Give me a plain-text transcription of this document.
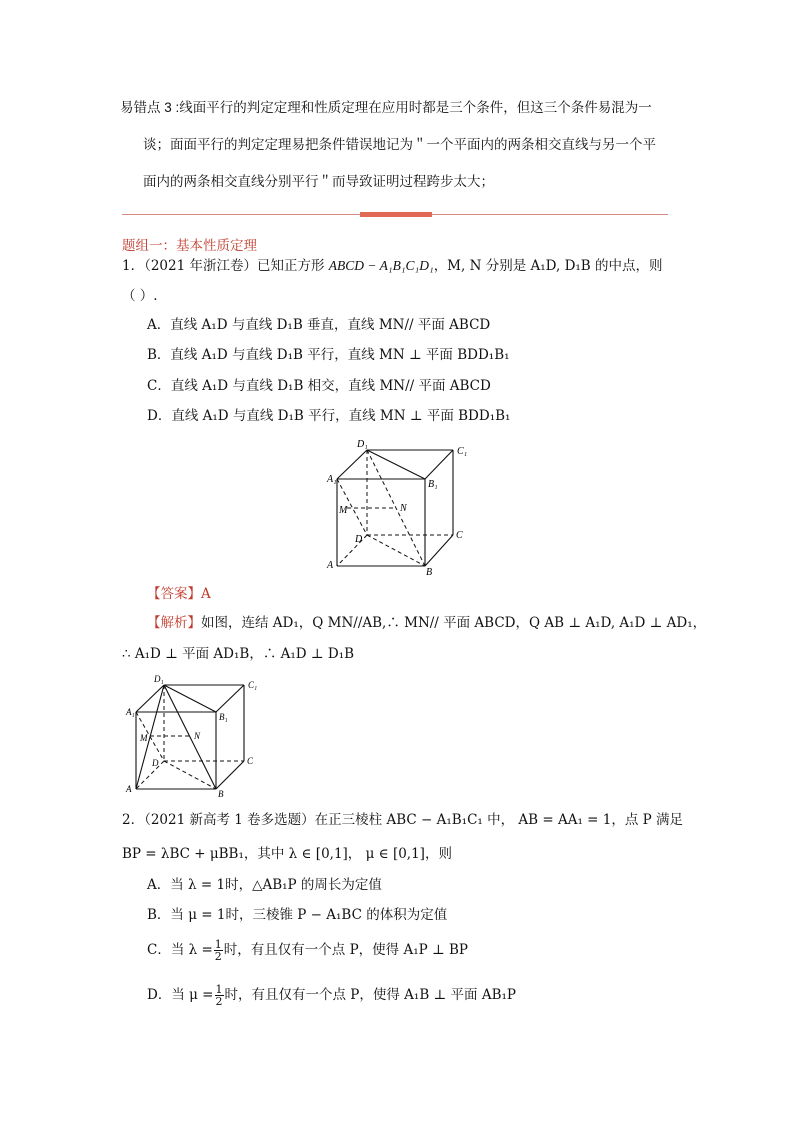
易错点 3 :线面平行的判定定理和性质定理在应用时都是三个条件，但这三个条件易混为一
谈；面面平行的判定定理易把条件错误地记为＂一个平面内的两条相交直线与另一个平
面内的两条相交直线分别平行＂而导致证明过程跨步太大；
题组一：基本性质定理
1．（2021 年浙江卷）已知正方形 ABCD − A₁B₁C₁D₁，M, N 分别是 A₁D, D₁B 的中点，则
（ ）.
A．直线 A₁D 与直线 D₁B 垂直，直线 MN// 平面 ABCD
B．直线 A₁D 与直线 D₁B 平行，直线 MN ⊥ 平面 BDD₁B₁
C．直线 A₁D 与直线 D₁B 相交，直线 MN// 平面 ABCD
D．直线 A₁D 与直线 D₁B 平行，直线 MN ⊥ 平面 BDD₁B₁
D₁
C₁
A₁	B₁
M	N
D	C
A
B
【答案】A
【解析】如图，连结 AD₁，Q MN//AB,∴ MN// 平面 ABCD，Q AB ⊥ A₁D, A₁D ⊥ AD₁，
∴ A₁D ⊥ 平面 AD₁B，∴ A₁D ⊥ D₁B
D₁
C₁
A₁	B₁
M	N
D	C
A	B
2．（2021 新高考 1 卷多选题）在正三棱柱 ABC − A₁B₁C₁ 中， AB = AA₁ = 1，点 P 满足
BP = λBC + μBB₁，其中 λ ∈ [0,1]， μ ∈ [0,1]，则
A．当 λ = 1时，△AB₁P 的周长为定值
B．当 μ = 1时，三棱锥 P − A₁BC 的体积为定值
C．当 $\lambda = \frac{1}{2}$ 时，有且仅有一个点 P，使得 A₁P ⊥ BP
D．当 $\mu = \frac{1}{2}$ 时，有且仅有一个点 P，使得 A₁B ⊥ 平面 AB₁P
